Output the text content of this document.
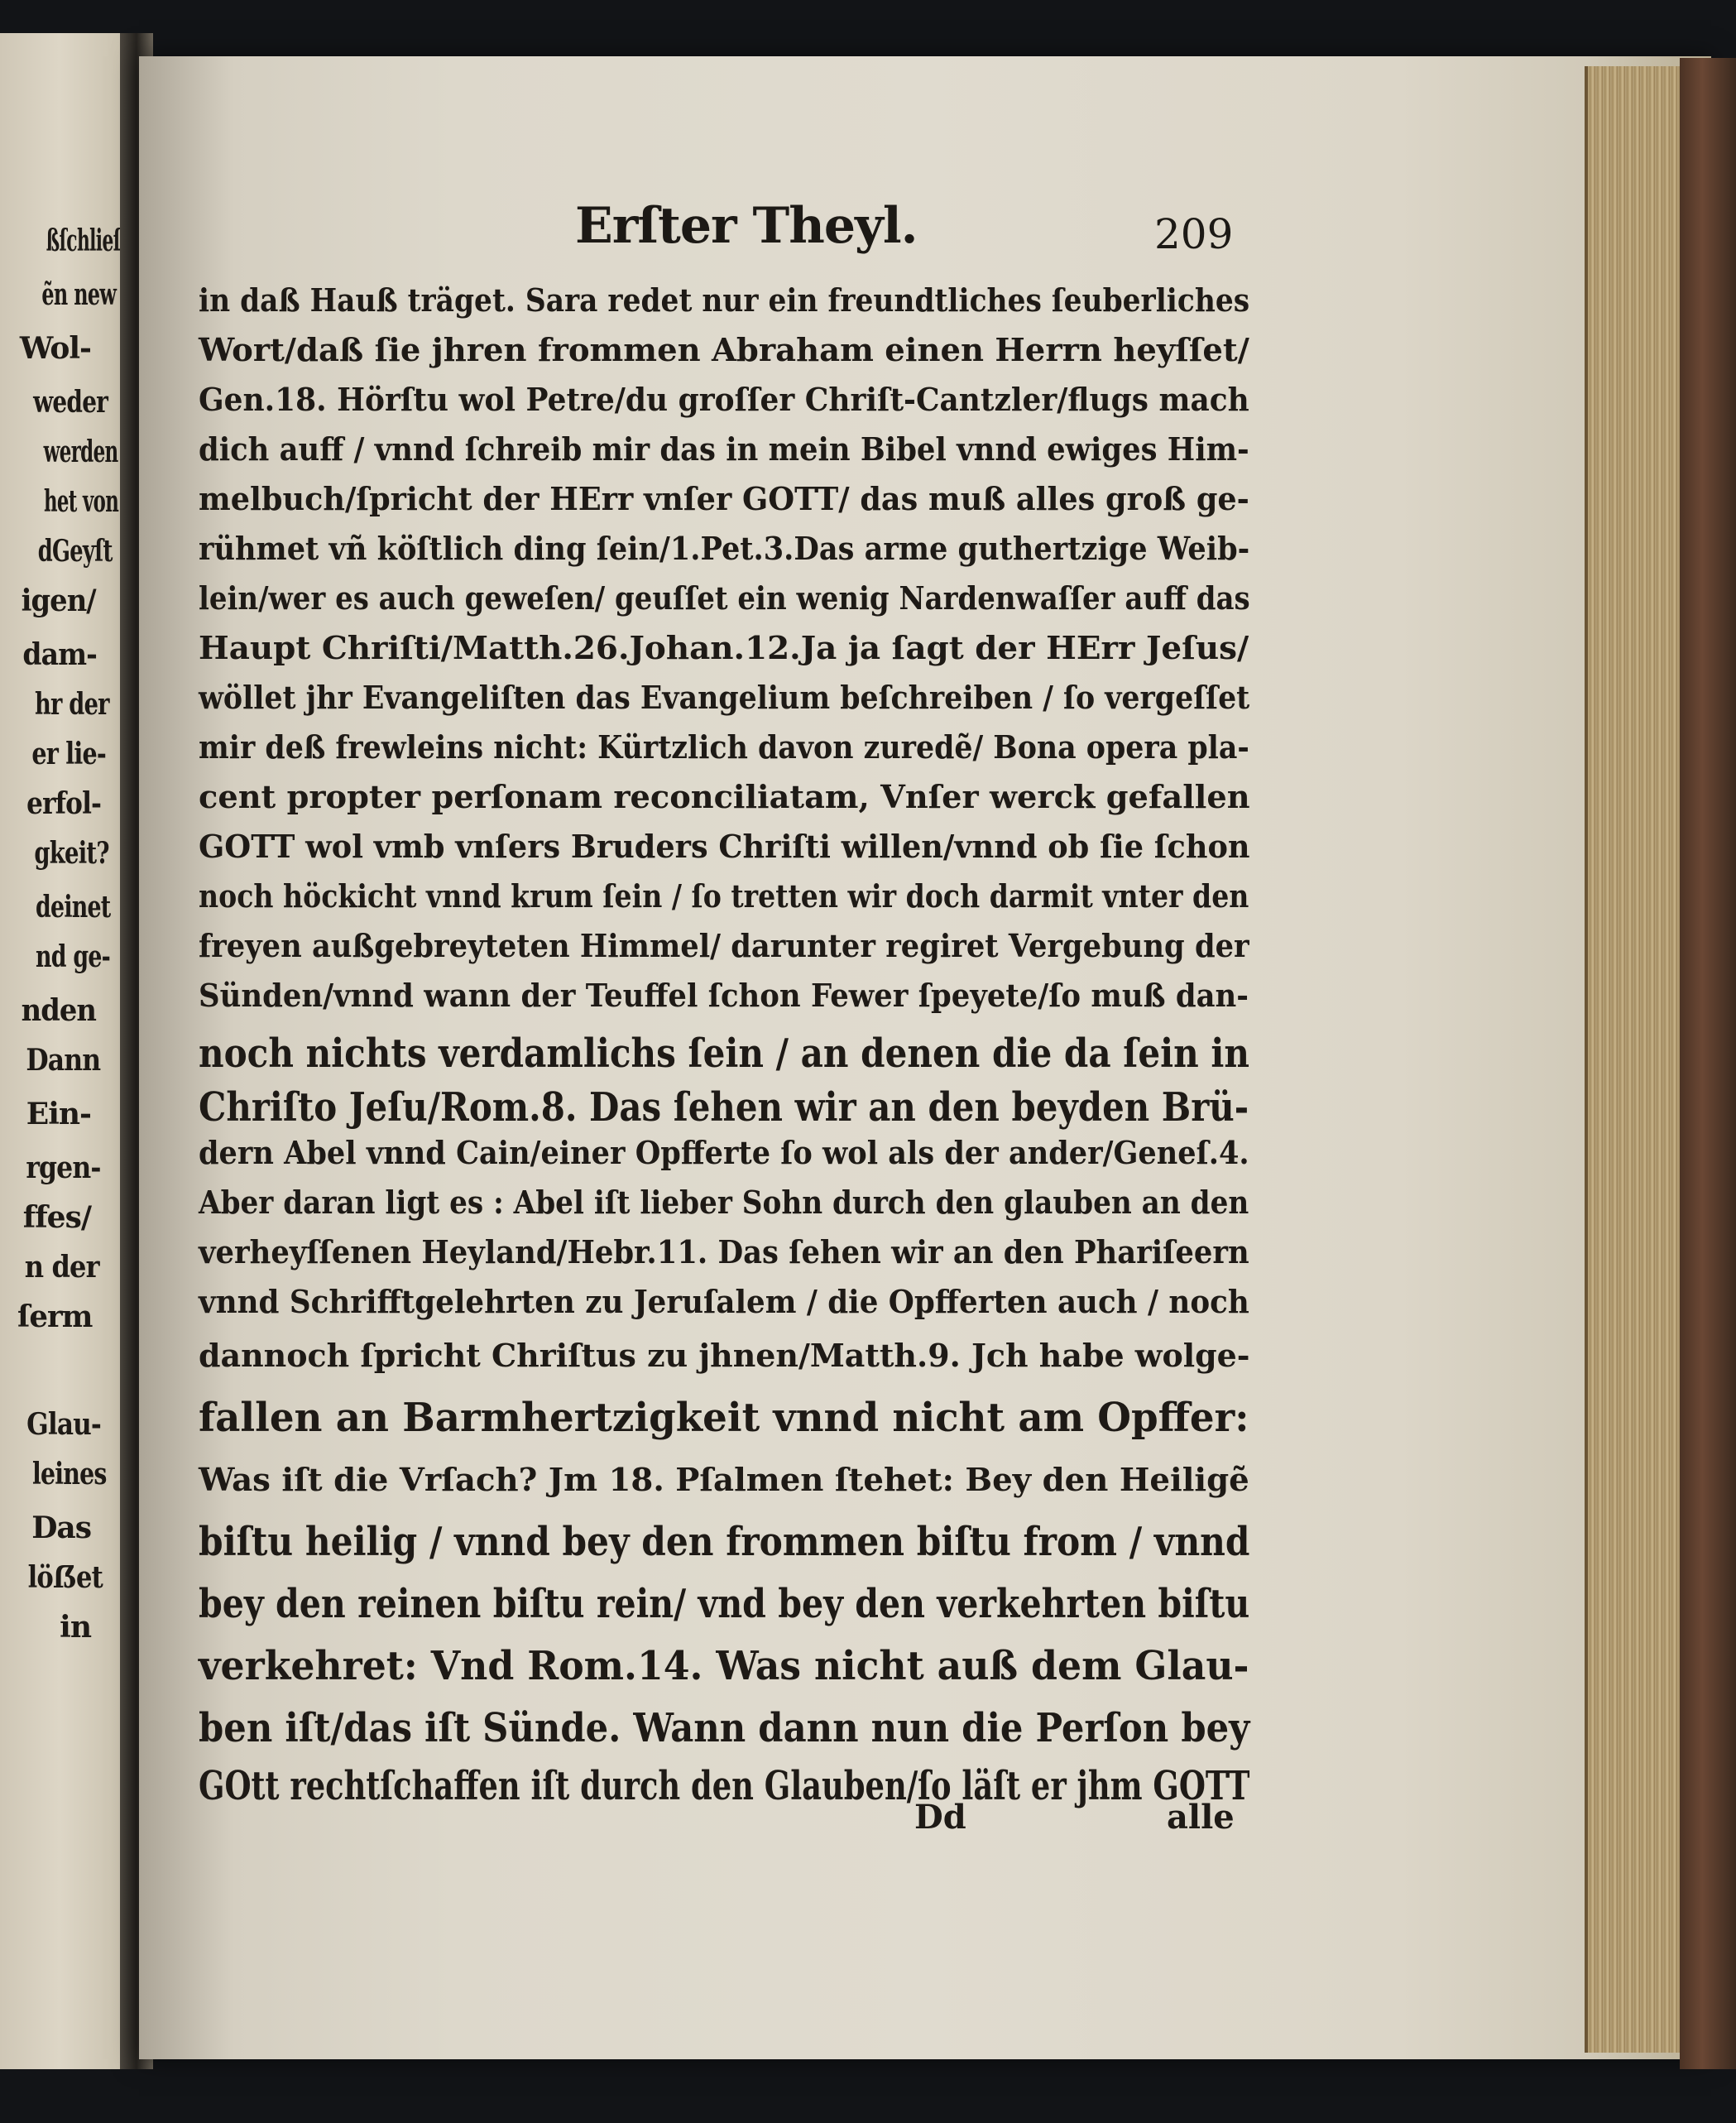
ßſchlieſ
ẽn new
Wol-
weder
werden
het von
dGeyſt
igen/
dam-
hr der
er lie-
erfol-
gkeit?
deinet
nd ge-
nden
Dann
Ein-
rgen-
ffes/
n der
ſerm
Glau-
leines
Das
löẞet
in
Erſter Theyl.	209
in daß Hauß träget. Sara redet nur ein freundtliches ſeuberliches
Wort/daß ſie jhren frommen Abraham einen Herrn heyſſet/
Gen.18. Hörſtu wol Petre/du groſſer Chriſt-Cantzler/flugs mach
dich auff / vnnd ſchreib mir das in mein Bibel vnnd ewiges Him-
melbuch/ſpricht der HErr vnſer GOTT/ das muß alles groß ge-
rühmet vñ köſtlich ding ſein/1.Pet.3.Das arme guthertzige Weib-
lein/wer es auch geweſen/ geuſſet ein wenig Nardenwaſſer auff das
Haupt Chriſti/Matth.26.Johan.12.Ja ja ſagt der HErr Jeſus/
wöllet jhr Evangeliſten das Evangelium beſchreiben / ſo vergeſſet
mir deß frewleins nicht: Kürtzlich davon zuredẽ/ Bona opera pla-
cent propter perſonam reconciliatam, Vnſer werck gefallen
GOTT wol vmb vnſers Bruders Chriſti willen/vnnd ob ſie ſchon
noch höckicht vnnd krum ſein / ſo tretten wir doch darmit vnter den
freyen außgebreyteten Himmel/ darunter regiret Vergebung der
Sünden/vnnd wann der Teuffel ſchon Fewer ſpeyete/ſo muß dan-
noch nichts verdamlichs ſein / an denen die da ſein in
Chriſto Jeſu/Rom.8. Das ſehen wir an den beyden Brü-
dern Abel vnnd Cain/einer Opfferte ſo wol als der ander/Geneſ.4.
Aber daran ligt es : Abel iſt lieber Sohn durch den glauben an den
verheyſſenen Heyland/Hebr.11. Das ſehen wir an den Phariſeern
vnnd Schrifftgelehrten zu Jeruſalem / die Opfferten auch / noch
dannoch ſpricht Chriſtus zu jhnen/Matth.9. Jch habe wolge-
fallen an Barmhertzigkeit vnnd nicht am Opffer:
Was iſt die Vrſach? Jm 18. Pſalmen ſtehet: Bey den Heiligẽ
biſtu heilig / vnnd bey den frommen biſtu from / vnnd
bey den reinen biſtu rein/ vnd bey den verkehrten biſtu
verkehret: Vnd Rom.14. Was nicht auß dem Glau-
ben iſt/das iſt Sünde. Wann dann nun die Perſon bey
GOtt rechtſchaffen iſt durch den Glauben/ſo läſt er jhm GOTT
Dd	alle
